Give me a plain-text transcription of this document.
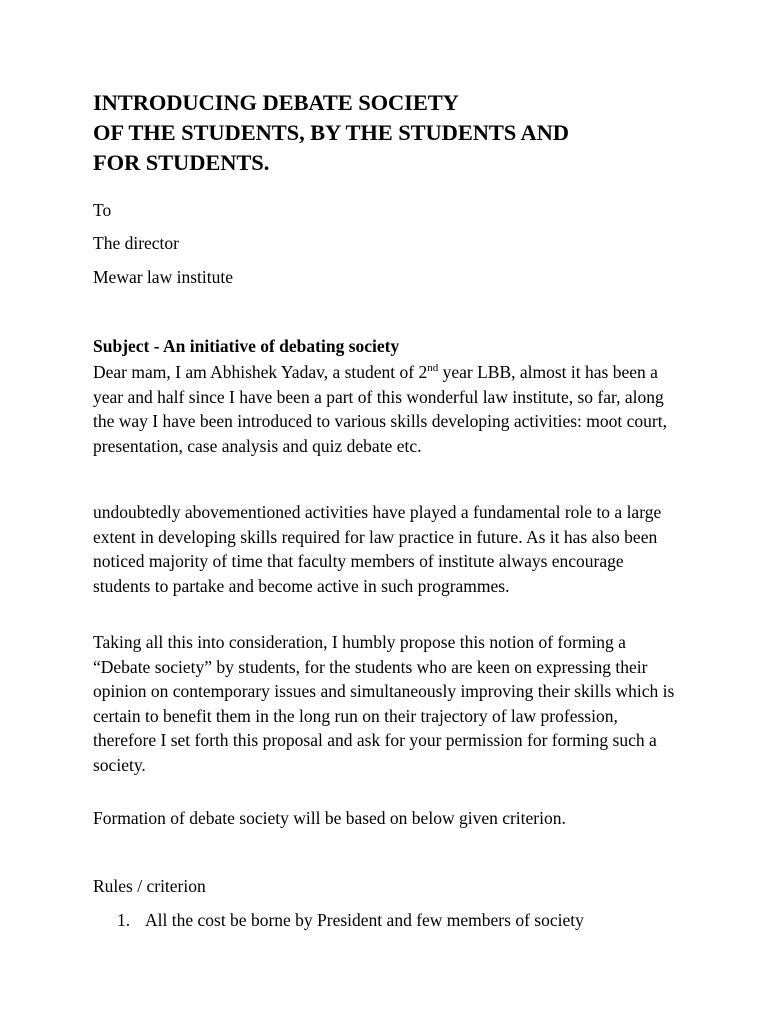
INTRODUCING DEBATE SOCIETY
OF THE STUDENTS, BY THE STUDENTS AND
FOR STUDENTS.

To

The director

Mewar law institute

Subject - An initiative of debating society

Dear mam, I am Abhishek Yadav, a student of 2nd year LBB, almost it has been a year and half since I have been a part of this wonderful law institute, so far, along the way I have been introduced to various skills developing activities: moot court, presentation, case analysis and quiz debate etc.

undoubtedly abovementioned activities have played a fundamental role to a large extent in developing skills required for law practice in future. As it has also been noticed majority of time that faculty members of institute always encourage students to partake and become active in such programmes.

Taking all this into consideration, I humbly propose this notion of forming a “Debate society” by students, for the students who are keen on expressing their opinion on contemporary issues and simultaneously improving their skills which is certain to benefit them in the long run on their trajectory of law profession, therefore I set forth this proposal and ask for your permission for forming such a society.

Formation of debate society will be based on below given criterion.

Rules / criterion

1. All the cost be borne by President and few members of society
